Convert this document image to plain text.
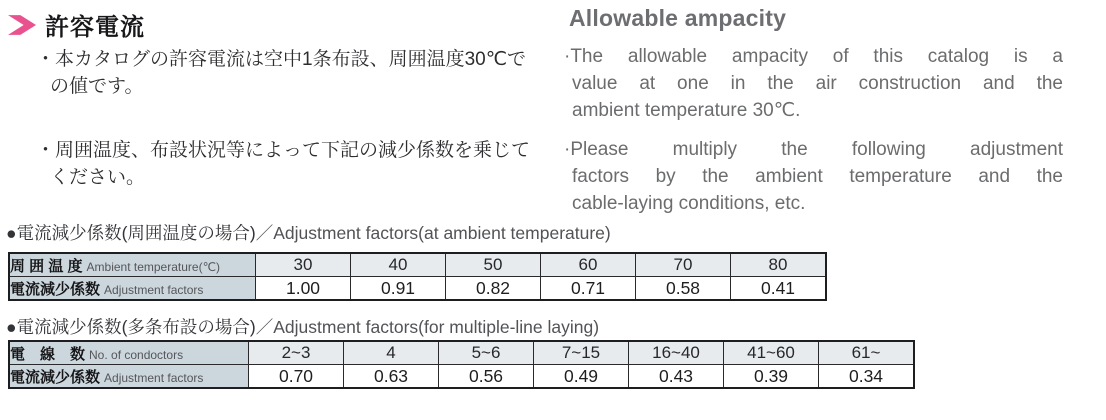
許容電流	Allowable ampacity
・本カタログの許容電流は空中1条布設、周囲温度30℃で
の値です。
・周囲温度、布設状況等によって下記の減少係数を乗じて
ください。
·The allowable ampacity of this catalog is a
value at one in the air construction and the
ambient temperature 30℃.
·Please multiply the following adjustment
factors by the ambient temperature and the
cable-laying conditions, etc.
●電流減少係数(周囲温度の場合)／Adjustment factors(at ambient temperature)
周 囲 温 度 Ambient temperature(℃)	30	40	50	60	70	80
電流減少係数 Adjustment factors	1.00	0.91	0.82	0.71	0.58	0.41
●電流減少係数(多条布設の場合)／Adjustment factors(for multiple-line laying)
電　線　数 No. of condoctors	2~3	4	5~6	7~15	16~40	41~60	61~
電流減少係数 Adjustment factors	0.70	0.63	0.56	0.49	0.43	0.39	0.34
